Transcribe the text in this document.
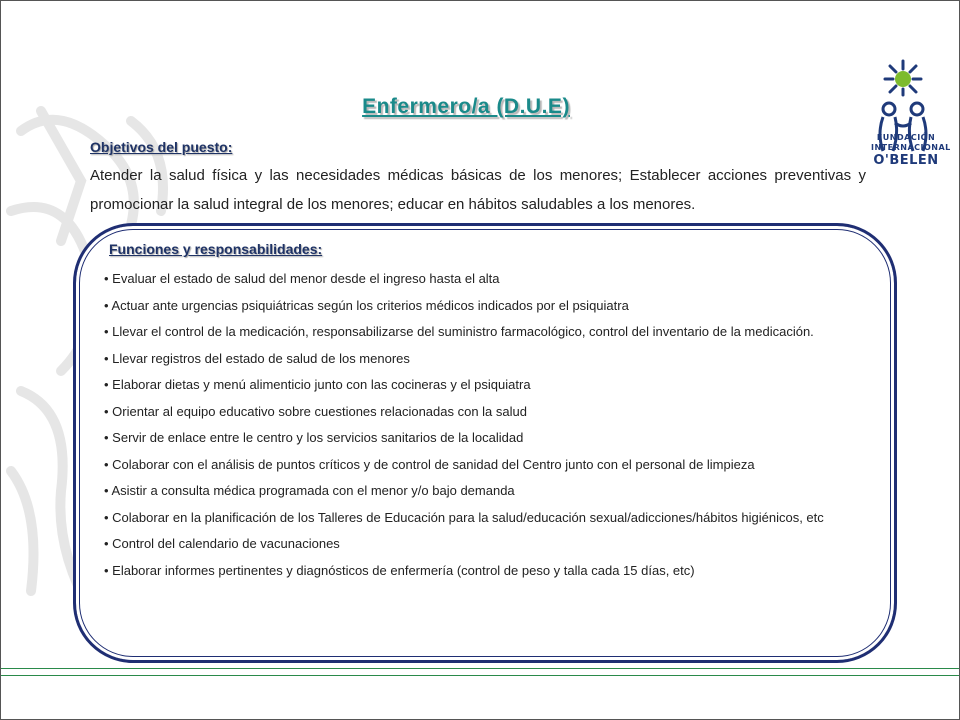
FUNDACIÓN
INTERNACIONAL
O'BELEN
Enfermero/a (D.U.E)
Objetivos del puesto:
Atender la salud física y las necesidades médicas básicas de los menores; Establecer acciones preventivas y promocionar la salud integral de los menores; educar en hábitos saludables a los menores.
Funciones y responsabilidades:
• Evaluar el estado de salud del menor desde el ingreso hasta el alta
• Actuar ante urgencias psiquiátricas según los criterios médicos indicados por el psiquiatra
• Llevar el control de la medicación, responsabilizarse del suministro farmacológico, control del inventario de la medicación.
• Llevar registros del estado de salud de los menores
• Elaborar dietas y menú alimenticio junto con las cocineras y el psiquiatra
• Orientar al equipo educativo sobre cuestiones relacionadas con la salud
• Servir de enlace entre le centro y los servicios sanitarios de la localidad
• Colaborar con el análisis de puntos críticos y de control de sanidad del Centro junto con el personal de limpieza
• Asistir a consulta médica programada con el menor y/o bajo demanda
• Colaborar en la planificación de los Talleres de Educación para la salud/educación sexual/adicciones/hábitos higiénicos, etc
• Control del calendario de vacunaciones
• Elaborar informes pertinentes y diagnósticos de enfermería (control de peso y talla cada 15 días, etc)
